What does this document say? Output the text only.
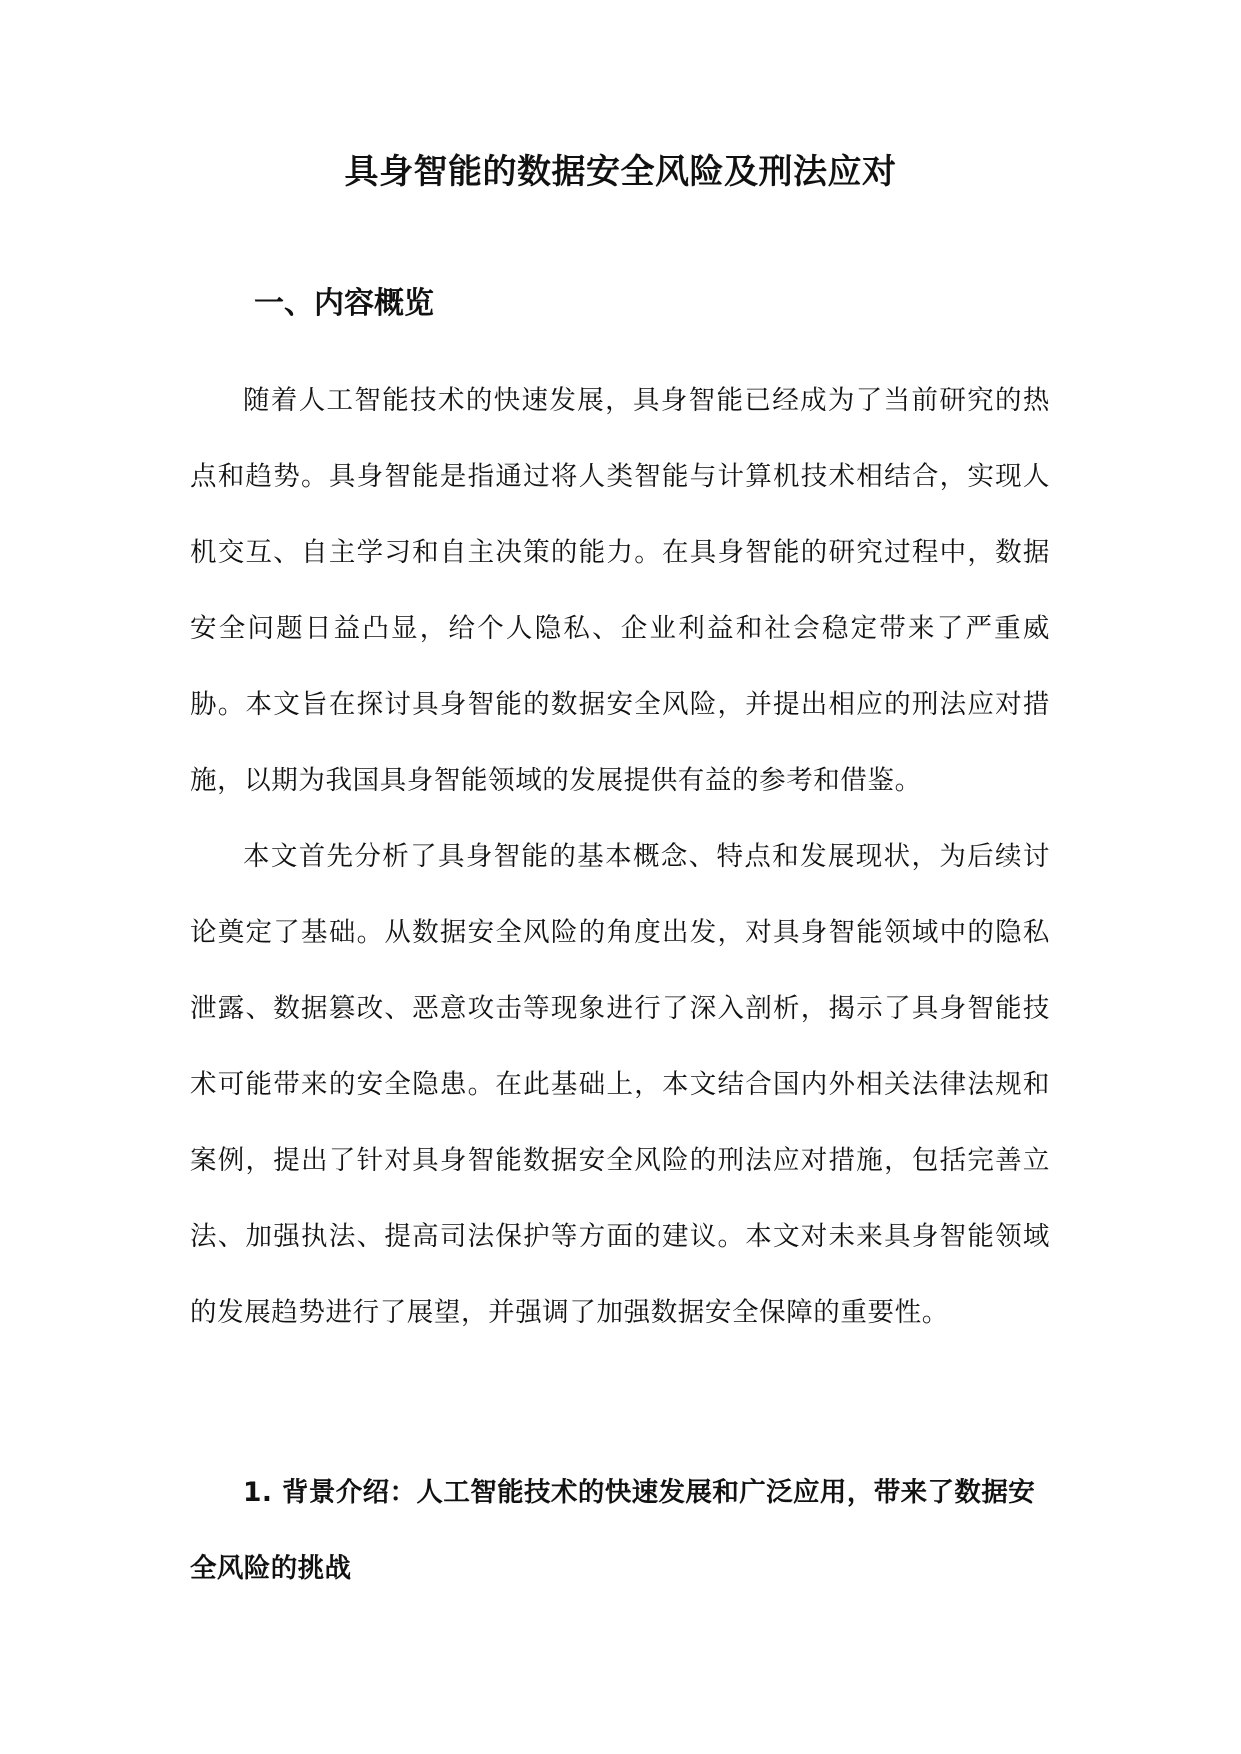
具身智能的数据安全风险及刑法应对
一、内容概览

随着人工智能技术的快速发展，具身智能已经成为了当前研究的热点和趋势。具身智能是指通过将人类智能与计算机技术相结合，实现人机交互、自主学习和自主决策的能力。在具身智能的研究过程中，数据安全问题日益凸显，给个人隐私、企业利益和社会稳定带来了严重威胁。本文旨在探讨具身智能的数据安全风险，并提出相应的刑法应对措施，以期为我国具身智能领域的发展提供有益的参考和借鉴。

本文首先分析了具身智能的基本概念、特点和发展现状，为后续讨论奠定了基础。从数据安全风险的角度出发，对具身智能领域中的隐私泄露、数据篡改、恶意攻击等现象进行了深入剖析，揭示了具身智能技术可能带来的安全隐患。在此基础上，本文结合国内外相关法律法规和案例，提出了针对具身智能数据安全风险的刑法应对措施，包括完善立法、加强执法、提高司法保护等方面的建议。本文对未来具身智能领域的发展趋势进行了展望，并强调了加强数据安全保障的重要性。

1. 背景介绍：人工智能技术的快速发展和广泛应用，带来了数据安全风险的挑战
